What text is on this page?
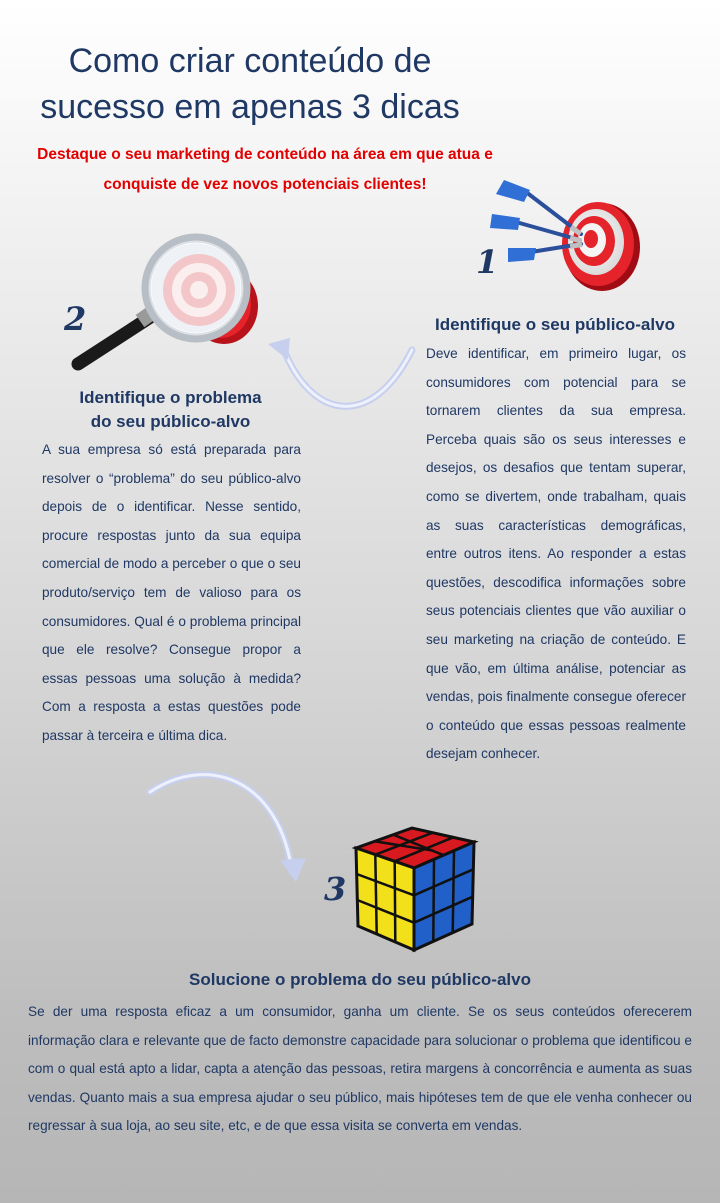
Como criar conteúdo de sucesso em apenas 3 dicas
Destaque o seu marketing de conteúdo na área em que atua e conquiste de vez novos potenciais clientes!
1
2	Identifique o seu público-alvo
Deve identificar, em primeiro lugar, os consumidores com potencial para se tornarem clientes da sua empresa. Perceba quais são os seus interesses e desejos, os desafios que tentam superar, como se divertem, onde trabalham, quais as suas características demográficas, entre outros itens. Ao responder a estas questões, descodifica informações sobre seus potenciais clientes que vão auxiliar o seu marketing na criação de conteúdo. E que vão, em última análise, potenciar as vendas, pois finalmente consegue oferecer o conteúdo que essas pessoas realmente desejam conhecer.
Identifique o problema do seu público-alvo
A sua empresa só está preparada para resolver o “problema” do seu público-alvo depois de o identificar. Nesse sentido, procure respostas junto da sua equipa comercial de modo a perceber o que o seu produto/serviço tem de valioso para os consumidores. Qual é o problema principal que ele resolve? Consegue propor a essas pessoas uma solução à medida? Com a resposta a estas questões pode passar à terceira e última dica.
3
Solucione o problema do seu público-alvo
Se der uma resposta eficaz a um consumidor, ganha um cliente. Se os seus conteúdos oferecerem informação clara e relevante que de facto demonstre capacidade para solucionar o problema que identificou e com o qual está apto a lidar, capta a atenção das pessoas, retira margens à concorrência e aumenta as suas vendas. Quanto mais a sua empresa ajudar o seu público, mais hipóteses tem de que ele venha conhecer ou regressar à sua loja, ao seu site, etc, e de que essa visita se converta em vendas.
